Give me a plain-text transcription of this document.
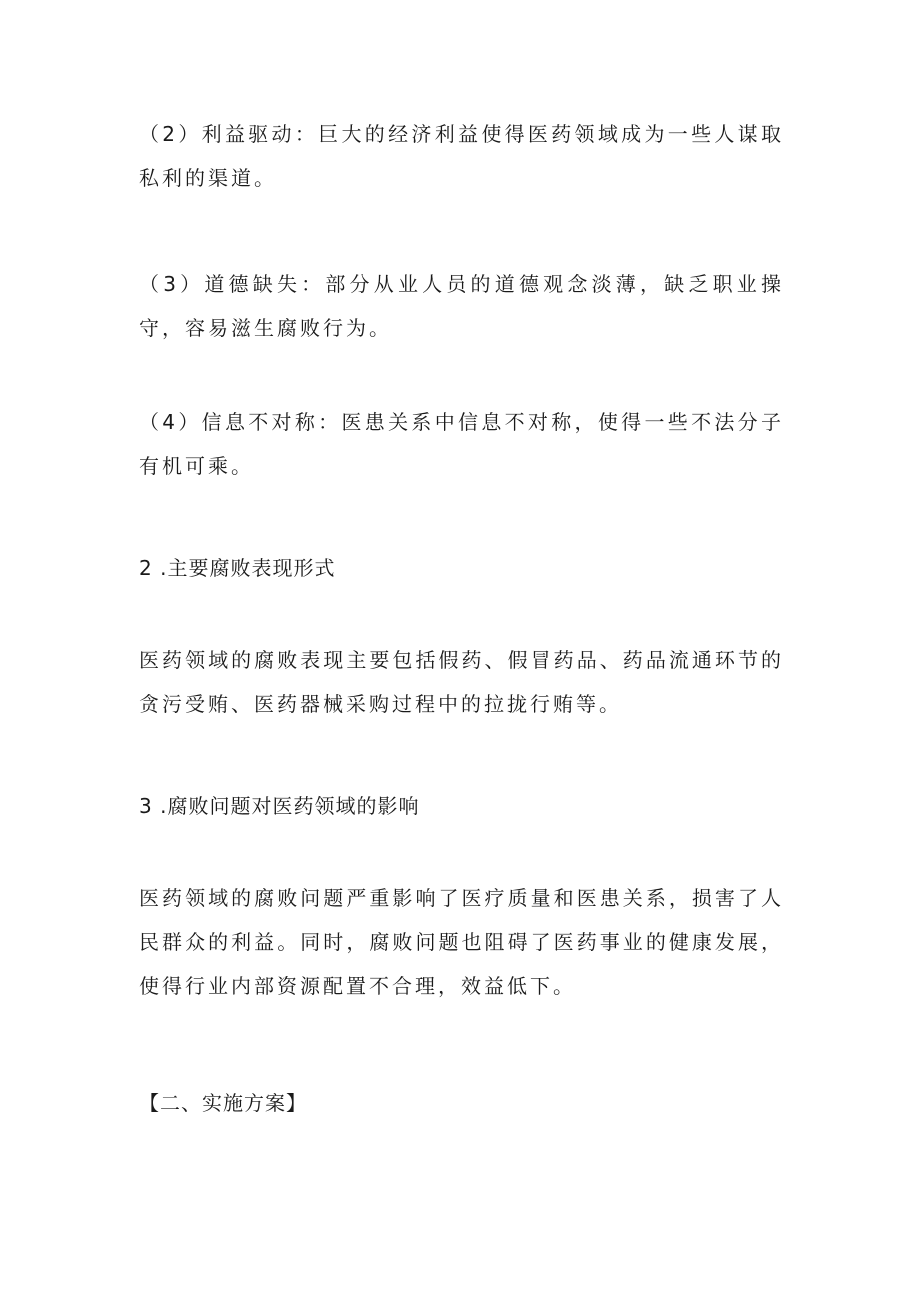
（2）利益驱动：巨大的经济利益使得医药领域成为一些人谋取私利的渠道。

（3）道德缺失：部分从业人员的道德观念淡薄，缺乏职业操守，容易滋生腐败行为。

（4）信息不对称：医患关系中信息不对称，使得一些不法分子有机可乘。

2 .主要腐败表现形式

医药领域的腐败表现主要包括假药、假冒药品、药品流通环节的贪污受贿、医药器械采购过程中的拉拢行贿等。

3 .腐败问题对医药领域的影响

医药领域的腐败问题严重影响了医疗质量和医患关系，损害了人民群众的利益。同时，腐败问题也阻碍了医药事业的健康发展，使得行业内部资源配置不合理，效益低下。

【二、实施方案】
